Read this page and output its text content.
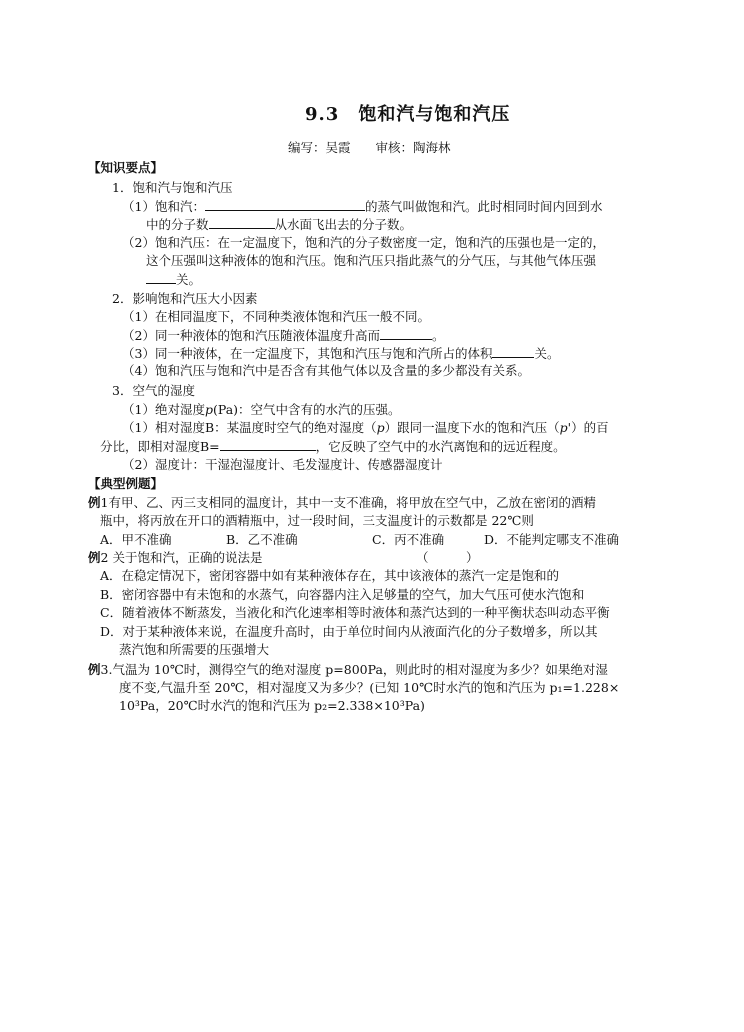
9.3　饱和汽与饱和汽压
编写：吴霞　　审核：陶海林
【知识要点】
1．饱和汽与饱和汽压
（1）饱和汽：	的蒸气叫做饱和汽。此时相同时间内回到水
中的分子数	从水面飞出去的分子数。
（2）饱和汽压：在一定温度下，饱和汽的分子数密度一定，饱和汽的压强也是一定的，
这个压强叫这种液体的饱和汽压。饱和汽压只指此蒸气的分气压，与其他气体压强
关。
2．影响饱和汽压大小因素
（1）在相同温度下，不同种类液体饱和汽压一般不同。
（2）同一种液体的饱和汽压随液体温度升高而	。
（3）同一种液体，在一定温度下，其饱和汽压与饱和汽所占的体积	关。
（4）饱和汽压与饱和汽中是否含有其他气体以及含量的多少都没有关系。
3．空气的湿度
（1）绝对湿度p(Pa)：空气中含有的水汽的压强。
（1）相对湿度B：某温度时空气的绝对湿度（p）跟同一温度下水的饱和汽压（p'）的百
分比，即相对湿度B=	，它反映了空气中的水汽离饱和的远近程度。
（2）湿度计：干湿泡湿度计、毛发湿度计、传感器湿度计
【典型例题】
例1有甲、乙、丙三支相同的温度计，其中一支不准确，将甲放在空气中，乙放在密闭的酒精
瓶中，将丙放在开口的酒精瓶中，过一段时间，三支温度计的示数都是 22℃则
A．甲不准确	B．乙不准确	C．丙不准确	D．不能判定哪支不准确
例2 关于饱和汽，正确的说法是	（　　　）
A．在稳定情况下，密闭容器中如有某种液体存在，其中该液体的蒸汽一定是饱和的
B．密闭容器中有未饱和的水蒸气，向容器内注入足够量的空气，加大气压可使水汽饱和
C．随着液体不断蒸发，当液化和汽化速率相等时液体和蒸汽达到的一种平衡状态叫动态平衡
D．对于某种液体来说，在温度升高时，由于单位时间内从液面汽化的分子数增多，所以其
蒸汽饱和所需要的压强增大
例3.气温为 10℃时，测得空气的绝对湿度 p=800Pa，则此时的相对湿度为多少？如果绝对湿
度不变,气温升至 20℃，相对湿度又为多少？(已知 10℃时水汽的饱和汽压为 p₁=1.228×
10³Pa，20℃时水汽的饱和汽压为 p₂=2.338×10³Pa)
